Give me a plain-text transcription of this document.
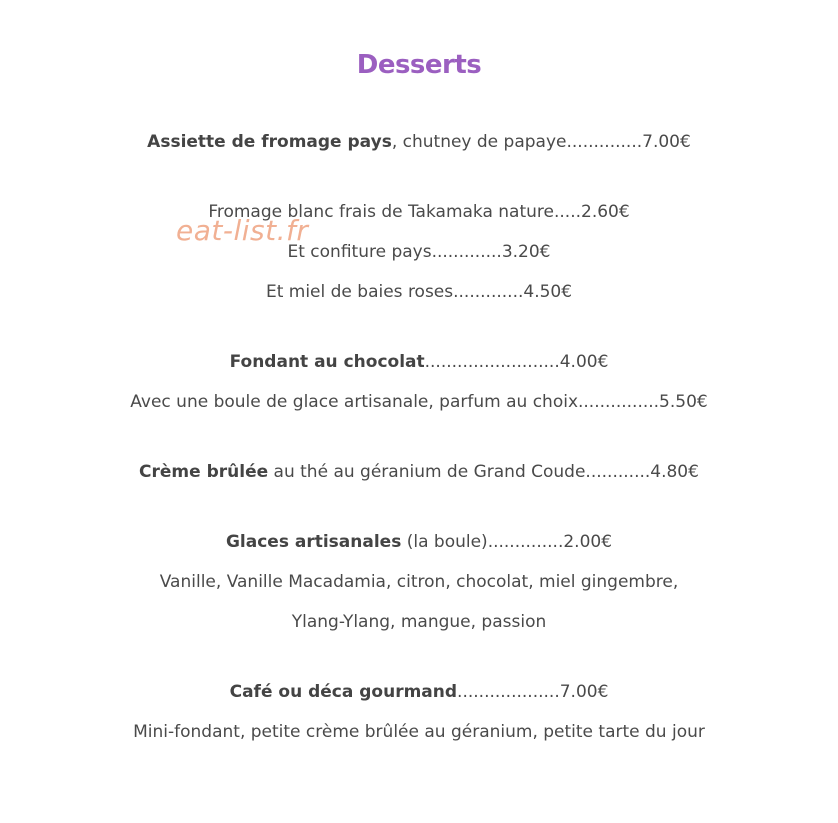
Desserts
Assiette de fromage pays, chutney de papaye..............7.00€
Fromage blanc frais de Takamaka nature.....2.60€
Et confiture pays.............3.20€
Et miel de baies roses.............4.50€
Fondant au chocolat.........................4.00€
Avec une boule de glace artisanale, parfum au choix...............5.50€
Crème brûlée au thé au géranium de Grand Coude............4.80€
Glaces artisanales (la boule)..............2.00€
Vanille, Vanille Macadamia, citron, chocolat, miel gingembre,
Ylang-Ylang, mangue, passion
Café ou déca gourmand...................7.00€
Mini-fondant, petite crème brûlée au géranium, petite tarte du jour
eat-list.fr
